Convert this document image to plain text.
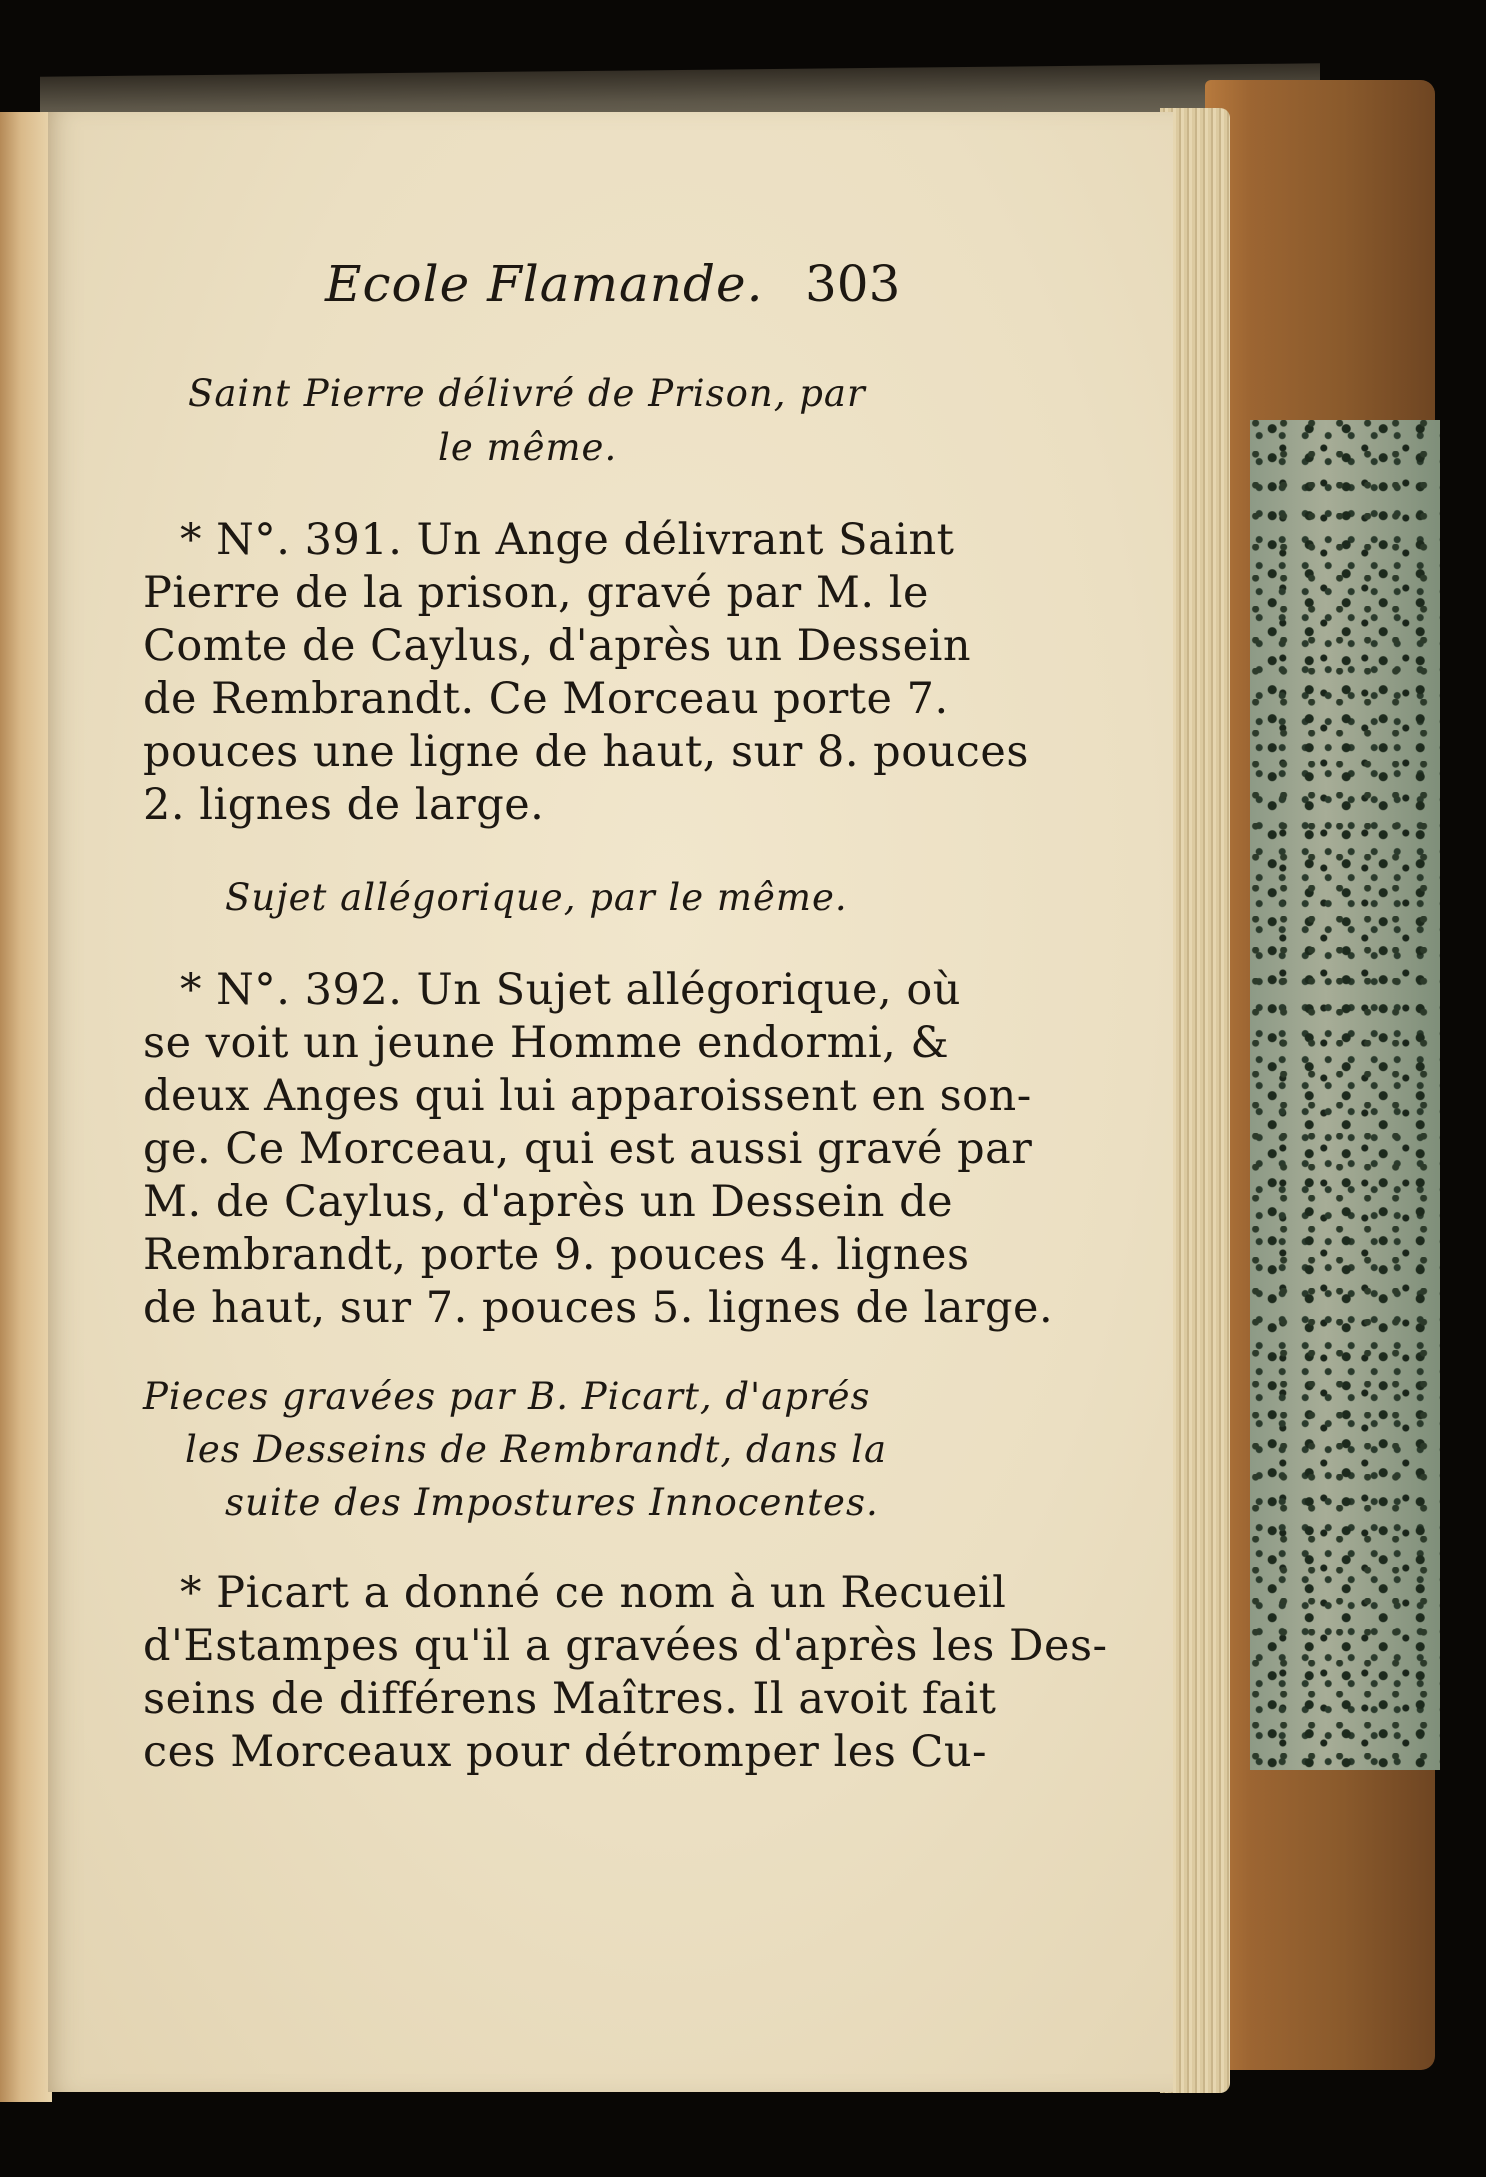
Ecole Flamande. 303
Saint Pierre délivré de Prison, par
le même.
* N°. 391. Un Ange délivrant Saint
Pierre de la prison, gravé par M. le
Comte de Caylus, d'après un Dessein
de Rembrandt. Ce Morceau porte 7.
pouces une ligne de haut, sur 8. pouces
2. lignes de large.
Sujet allégorique, par le même.
* N°. 392. Un Sujet allégorique, où
se voit un jeune Homme endormi, &
deux Anges qui lui apparoissent en son-
ge. Ce Morceau, qui est aussi gravé par
M. de Caylus, d'après un Dessein de
Rembrandt, porte 9. pouces 4. lignes
de haut, sur 7. pouces 5. lignes de large.
Pieces gravées par B. Picart, d'aprés
les Desseins de Rembrandt, dans la
suite des Impostures Innocentes.
* Picart a donné ce nom à un Recueil
d'Estampes qu'il a gravées d'après les Des-
seins de différens Maîtres. Il avoit fait
ces Morceaux pour détromper les Cu-
